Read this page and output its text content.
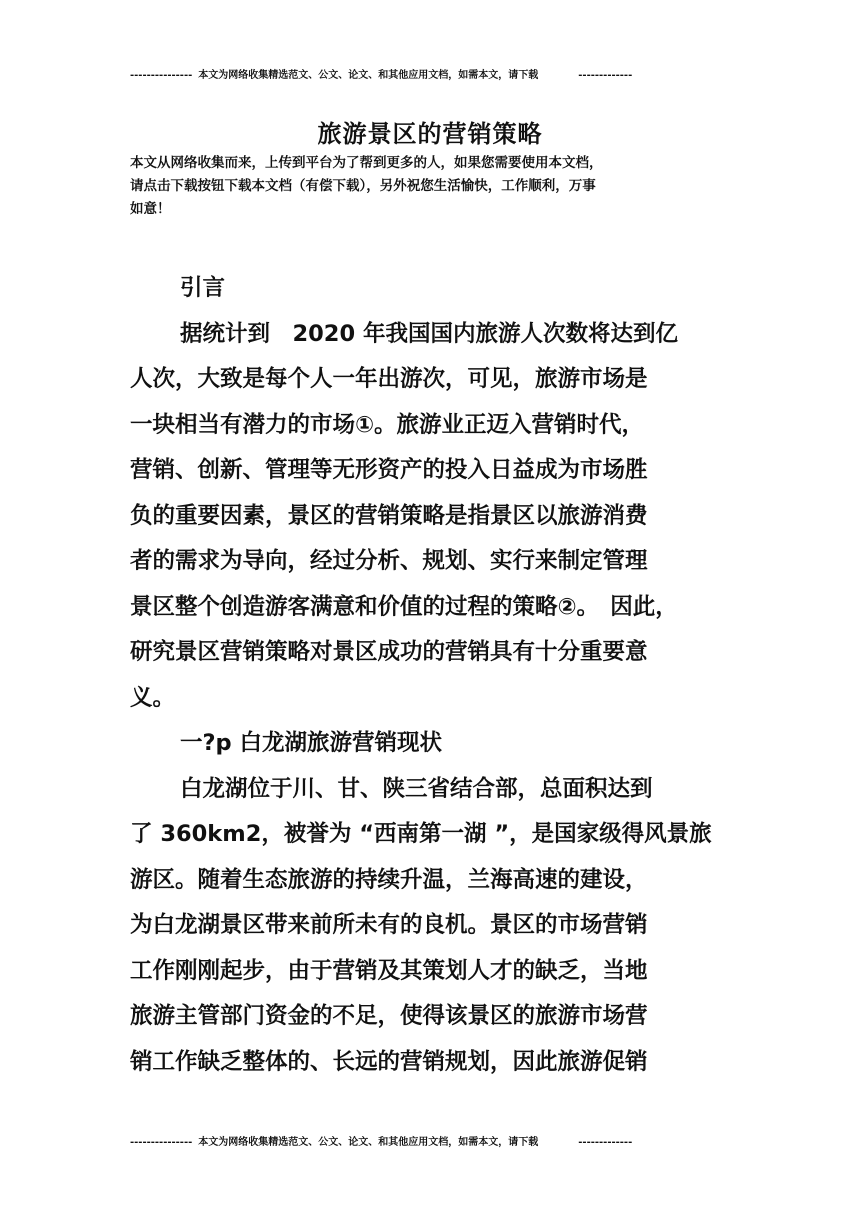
--------------- 本文为网络收集精选范文、公文、论文、和其他应用文档，如需本文，请下载	-------------
旅游景区的营销策略
本文从网络收集而来，上传到平台为了帮到更多的人，如果您需要使用本文档，
请点击下载按钮下载本文档（有偿下载），另外祝您生活愉快，工作顺利，万事
如意！
引言
据统计到　2020 年我国国内旅游人次数将达到亿
人次，大致是每个人一年出游次，可见，旅游市场是
一块相当有潜力的市场①。旅游业正迈入营销时代，
营销、创新、管理等无形资产的投入日益成为市场胜
负的重要因素，景区的营销策略是指景区以旅游消费
者的需求为导向，经过分析、规划、实行来制定管理
景区整个创造游客满意和价值的过程的策略②。　因此，
研究景区营销策略对景区成功的营销具有十分重要意
义。
一?p 白龙湖旅游营销现状
白龙湖位于川、甘、陕三省结合部，总面积达到
了 360km2，被誉为 “西南第一湖 ”，是国家级得风景旅
游区。随着生态旅游的持续升温，兰海高速的建设，
为白龙湖景区带来前所未有的良机。景区的市场营销
工作刚刚起步，由于营销及其策划人才的缺乏，当地
旅游主管部门资金的不足，使得该景区的旅游市场营
销工作缺乏整体的、长远的营销规划，因此旅游促销
--------------- 本文为网络收集精选范文、公文、论文、和其他应用文档，如需本文，请下载	-------------
